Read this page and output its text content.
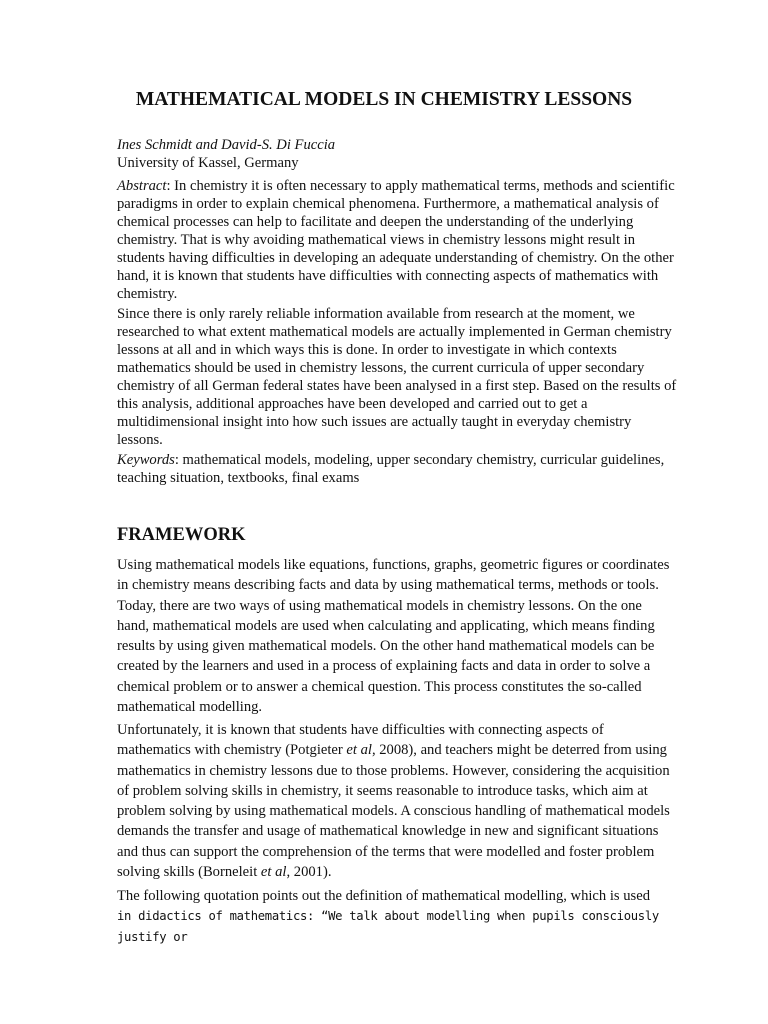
MATHEMATICAL MODELS IN CHEMISTRY LESSONS

Ines Schmidt and David-S. Di Fuccia

University of Kassel, Germany

Abstract: In chemistry it is often necessary to apply mathematical terms, methods and scientific paradigms in order to explain chemical phenomena. Furthermore, a mathematical analysis of chemical processes can help to facilitate and deepen the understanding of the underlying chemistry. That is why avoiding mathematical views in chemistry lessons might result in students having difficulties in developing an adequate understanding of chemistry. On the other hand, it is known that students have difficulties with connecting aspects of mathematics with chemistry.

Since there is only rarely reliable information available from research at the moment, we researched to what extent mathematical models are actually implemented in German chemistry lessons at all and in which ways this is done. In order to investigate in which contexts mathematics should be used in chemistry lessons, the current curricula of upper secondary chemistry of all German federal states have been analysed in a first step. Based on the results of this analysis, additional approaches have been developed and carried out to get a multidimensional insight into how such issues are actually taught in everyday chemistry lessons.

Keywords: mathematical models, modeling, upper secondary chemistry, curricular guidelines, teaching situation, textbooks, final exams

FRAMEWORK

Using mathematical models like equations, functions, graphs, geometric figures or coordinates in chemistry means describing facts and data by using mathematical terms, methods or tools. Today, there are two ways of using mathematical models in chemistry lessons. On the one hand, mathematical models are used when calculating and applicating, which means finding results by using given mathematical models. On the other hand mathematical models can be created by the learners and used in a process of explaining facts and data in order to solve a chemical problem or to answer a chemical question. This process constitutes the so-called mathematical modelling.

Unfortunately, it is known that students have difficulties with connecting aspects of mathematics with chemistry (Potgieter et al, 2008), and teachers might be deterred from using mathematics in chemistry lessons due to those problems. However, considering the acquisition of problem solving skills in chemistry, it seems reasonable to introduce tasks, which aim at problem solving by using mathematical models. A conscious handling of mathematical models demands the transfer and usage of mathematical knowledge in new and significant situations and thus can support the comprehension of the terms that were modelled and foster problem solving skills (Borneleit et al, 2001).

The following quotation points out the definition of mathematical modelling, which is used

in didactics of mathematics: “We talk about modelling when pupils consciously justify or
